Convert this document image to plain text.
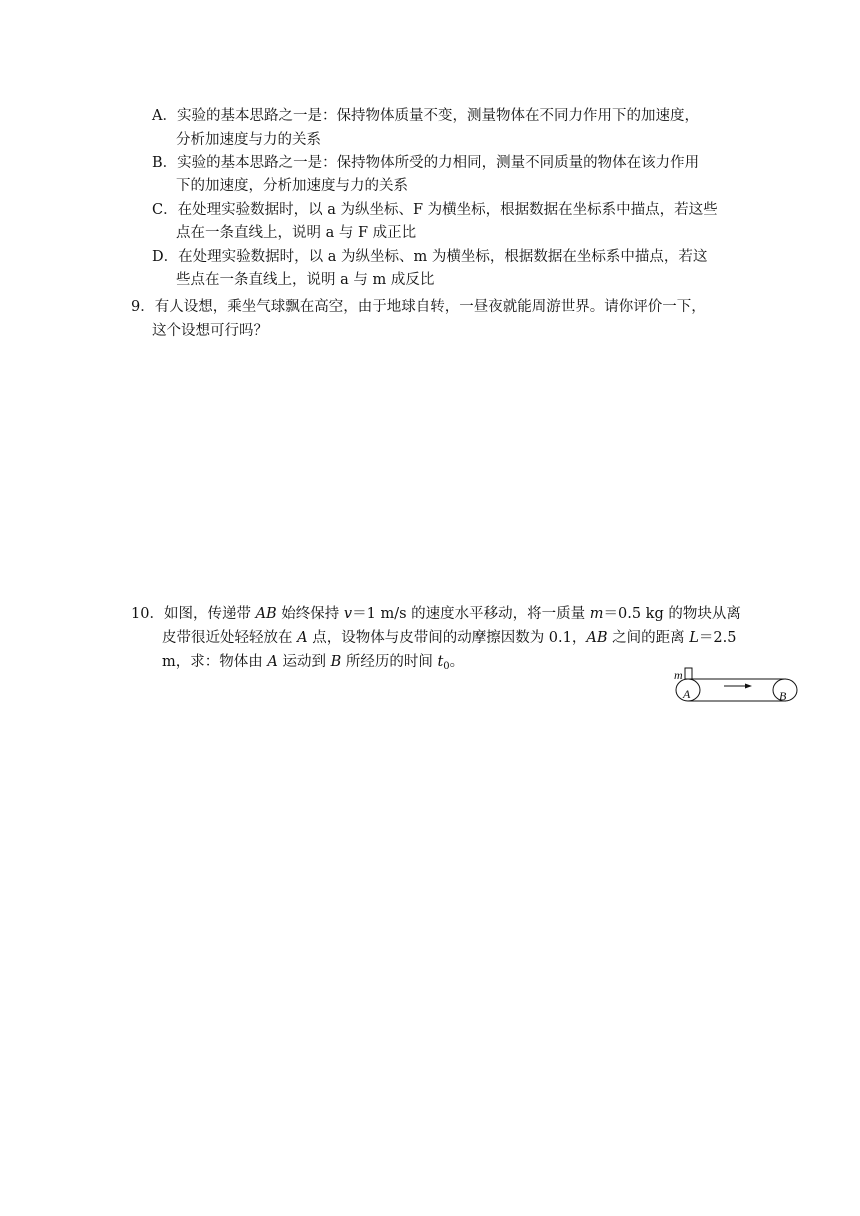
A．实验的基本思路之一是：保持物体质量不变，测量物体在不同力作用下的加速度，
分析加速度与力的关系
B．实验的基本思路之一是：保持物体所受的力相同，测量不同质量的物体在该力作用
下的加速度，分析加速度与力的关系
C．在处理实验数据时，以 a 为纵坐标、F 为横坐标，根据数据在坐标系中描点，若这些
点在一条直线上，说明 a 与 F 成正比
D．在处理实验数据时，以 a 为纵坐标、m 为横坐标，根据数据在坐标系中描点，若这
些点在一条直线上，说明 a 与 m 成反比
9．有人设想，乘坐气球飘在高空，由于地球自转，一昼夜就能周游世界。请你评价一下，
这个设想可行吗？
10．如图，传递带 AB 始终保持 v＝1 m/s 的速度水平移动，将一质量 m＝0.5 kg 的物块从离
皮带很近处轻轻放在 A 点，设物体与皮带间的动摩擦因数为 0.1，AB 之间的距离 L＝2.5
m，求：物体由 A 运动到 B 所经历的时间 $t_0$。
m
A	B
